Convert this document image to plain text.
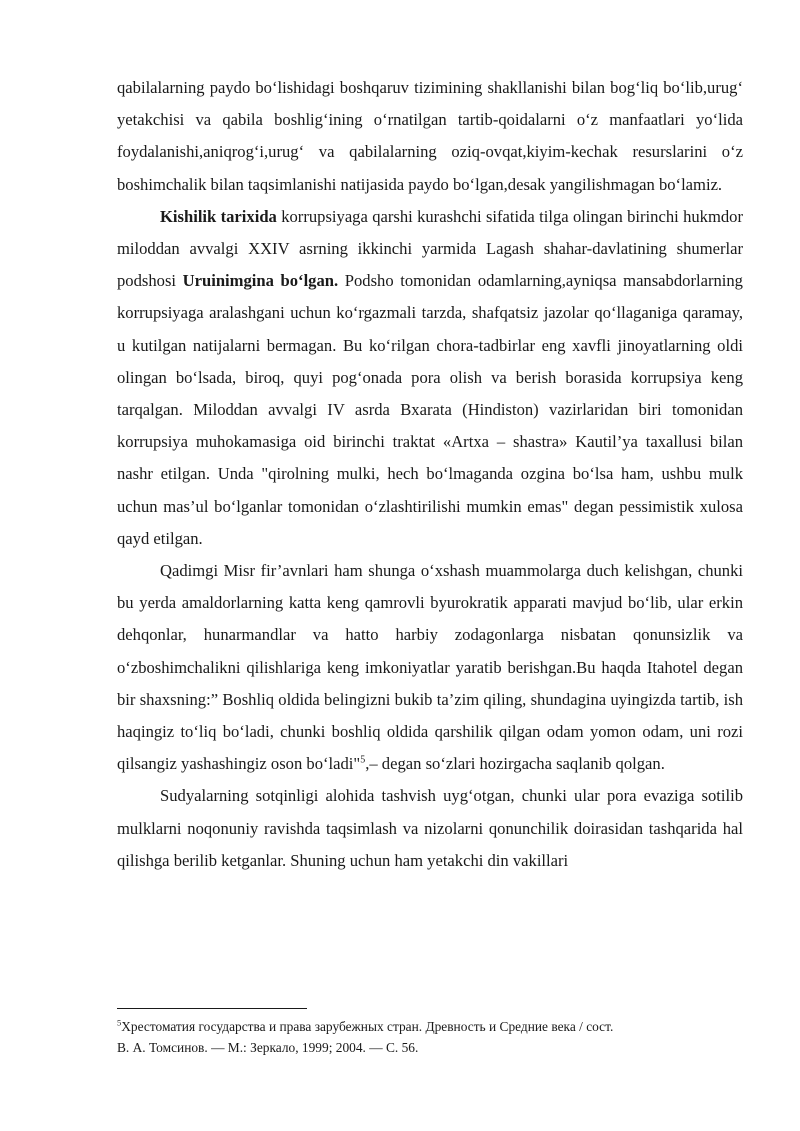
qabilalarning paydo bo‘lishidagi boshqaruv tizimining shakllanishi bilan bog‘liq bo‘lib,urug‘ yetakchisi va qabila boshlig‘ining o‘rnatilgan tartib-qoidalarni o‘z manfaatlari yo‘lida foydalanishi,aniqrog‘i,urug‘ va qabilalarning oziq-ovqat,kiyim-kechak resurslarini o‘z boshimchalik bilan taqsimlanishi natijasida paydo bo‘lgan,desak yangilishmagan bo‘lamiz.

Kishilik tarixida korrupsiyaga qarshi kurashchi sifatida tilga olingan birinchi hukmdor miloddan avvalgi XXIV asrning ikkinchi yarmida Lagash shahar-davlatining shumerlar podshosi Uruinimgina bo‘lgan. Podsho tomonidan odamlarning,ayniqsa mansabdorlarning korrupsiyaga aralashgani uchun ko‘rgazmali tarzda, shafqatsiz jazolar qo‘llaganiga qaramay, u kutilgan natijalarni bermagan. Bu ko‘rilgan chora-tadbirlar eng xavfli jinoyatlarning oldi olingan bo‘lsada, biroq, quyi pog‘onada pora olish va berish borasida korrupsiya keng tarqalgan. Miloddan avvalgi IV asrda Bxarata (Hindiston) vazirlaridan biri tomonidan korrupsiya muhokamasiga oid birinchi traktat «Artxa – shastra» Kautil’ya taxallusi bilan nashr etilgan. Unda "qirolning mulki, hech bo‘lmaganda ozgina bo‘lsa ham, ushbu mulk uchun mas’ul bo‘lganlar tomonidan o‘zlashtirilishi mumkin emas" degan pessimistik xulosa qayd etilgan.

Qadimgi Misr fir’avnlari ham shunga o‘xshash muammolarga duch kelishgan, chunki bu yerda amaldorlarning katta keng qamrovli byurokratik apparati mavjud bo‘lib, ular erkin dehqonlar, hunarmandlar va hatto harbiy zodagonlarga nisbatan qonunsizlik va o‘zboshimchalikni qilishlariga keng imkoniyatlar yaratib berishgan.Bu haqda Itahotel degan bir shaxsning:” Boshliq oldida belingizni bukib ta’zim qiling, shundagina uyingizda tartib, ish haqingiz to‘liq bo‘ladi, chunki boshliq oldida qarshilik qilgan odam yomon odam, uni rozi qilsangiz yashashingiz oson bo‘ladi"$^5$,– degan so‘zlari hozirgacha saqlanib qolgan.

Sudyalarning sotqinligi alohida tashvish uyg‘otgan, chunki ular pora evaziga sotilib mulklarni noqonuniy ravishda taqsimlash va nizolarni qonunchilik doirasidan tashqarida hal qilishga berilib ketganlar. Shuning uchun ham yetakchi din vakillari

$^5$Хрестоматия государства и права зарубежных стран. Древность и Средние века / сост.
В. А. Томсинов. — М.: Зеркало, 1999; 2004. — С. 56.
